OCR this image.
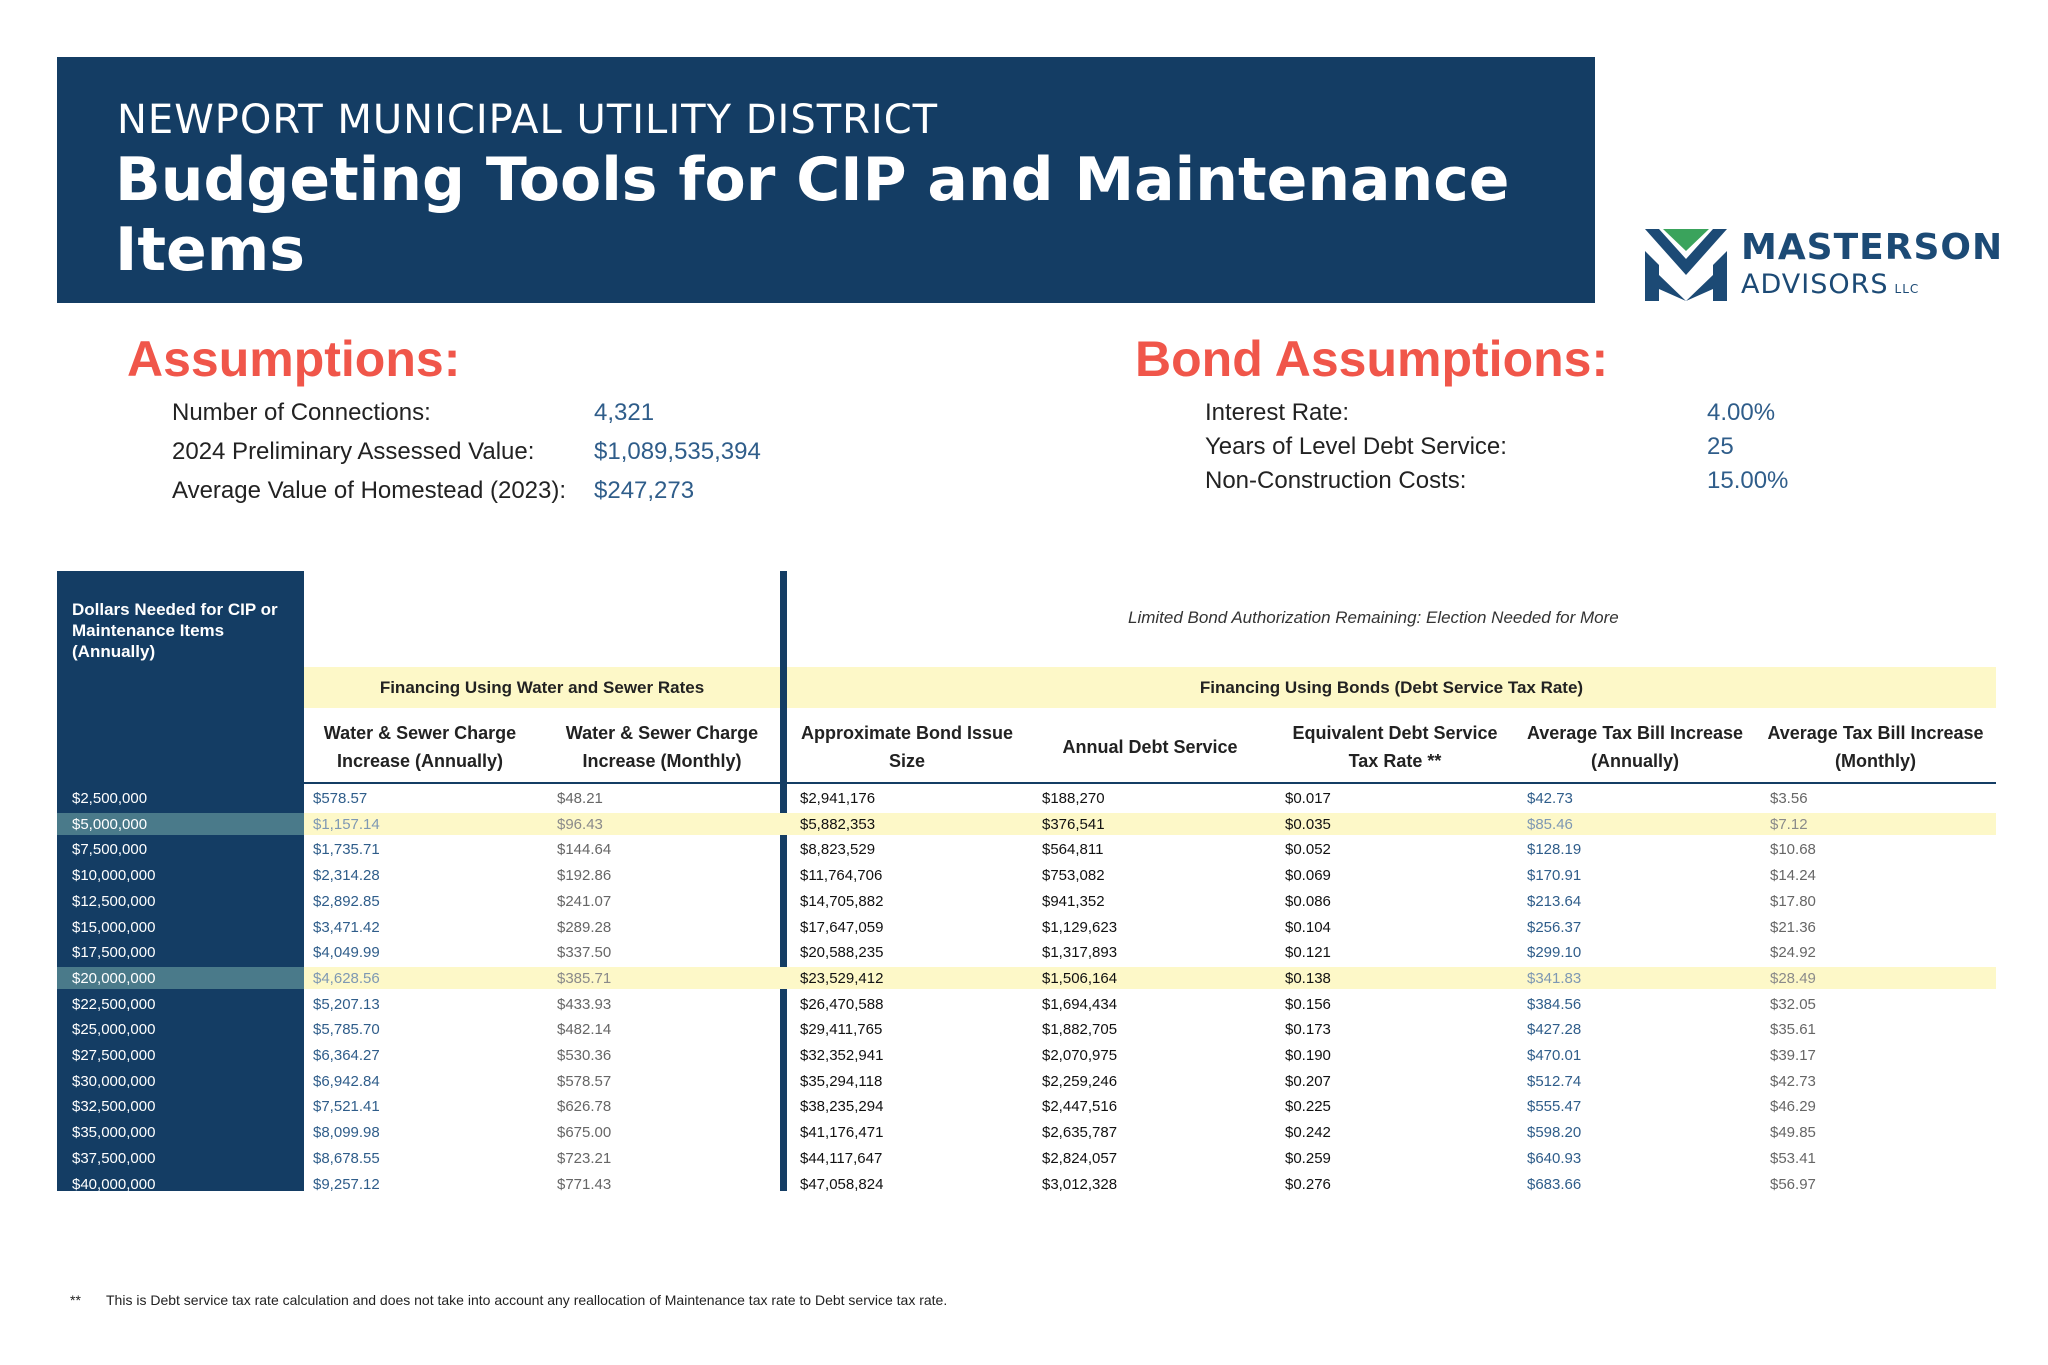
NEWPORT MUNICIPAL UTILITY DISTRICT
Budgeting Tools for CIP and Maintenance Items	MASTERSON
ADVISORS LLC
Assumptions:
Number of Connections:	4,321
2024 Preliminary Assessed Value: $1,089,535,394
Average Value of Homestead (2023): $247,273
Bond Assumptions:
Interest Rate:	4.00%
Years of Level Debt Service:	25
Non-Construction Costs:	15.00%
Dollars Needed for CIP or Maintenance Items (Annually)
Limited Bond Authorization Remaining: Election Needed for More
Financing Using Water and Sewer Rates	Financing Using Bonds (Debt Service Tax Rate)
Water & Sewer Charge Increase (Annually)
Water & Sewer Charge Increase (Monthly)
Approximate Bond Issue Size
Annual Debt Service
Equivalent Debt Service Tax Rate **
Average Tax Bill Increase (Annually)
Average Tax Bill Increase (Monthly)
$2,500,000	$578.57	$48.21	$2,941,176	$188,270	$0.017	$42.73	$3.56
$5,000,000	$1,157.14	$96.43	$5,882,353	$376,541	$0.035	$85.46	$7.12
$7,500,000	$1,735.71	$144.64	$8,823,529	$564,811	$0.052	$128.19	$10.68
$10,000,000	$2,314.28	$192.86	$11,764,706	$753,082	$0.069	$170.91	$14.24
$12,500,000	$2,892.85	$241.07	$14,705,882	$941,352	$0.086	$213.64	$17.80
$15,000,000	$3,471.42	$289.28	$17,647,059	$1,129,623	$0.104	$256.37	$21.36
$17,500,000	$4,049.99	$337.50	$20,588,235	$1,317,893	$0.121	$299.10	$24.92
$20,000,000	$4,628.56	$385.71	$23,529,412	$1,506,164	$0.138	$341.83	$28.49
$22,500,000	$5,207.13	$433.93	$26,470,588	$1,694,434	$0.156	$384.56	$32.05
$25,000,000	$5,785.70	$482.14	$29,411,765	$1,882,705	$0.173	$427.28	$35.61
$27,500,000	$6,364.27	$530.36	$32,352,941	$2,070,975	$0.190	$470.01	$39.17
$30,000,000	$6,942.84	$578.57	$35,294,118	$2,259,246	$0.207	$512.74	$42.73
$32,500,000	$7,521.41	$626.78	$38,235,294	$2,447,516	$0.225	$555.47	$46.29
$35,000,000	$8,099.98	$675.00	$41,176,471	$2,635,787	$0.242	$598.20	$49.85
$37,500,000	$8,678.55	$723.21	$44,117,647	$2,824,057	$0.259	$640.93	$53.41
$40,000,000	$9,257.12	$771.43	$47,058,824	$3,012,328	$0.276	$683.66	$56.97
** This is Debt service tax rate calculation and does not take into account any reallocation of Maintenance tax rate to Debt service tax rate.
